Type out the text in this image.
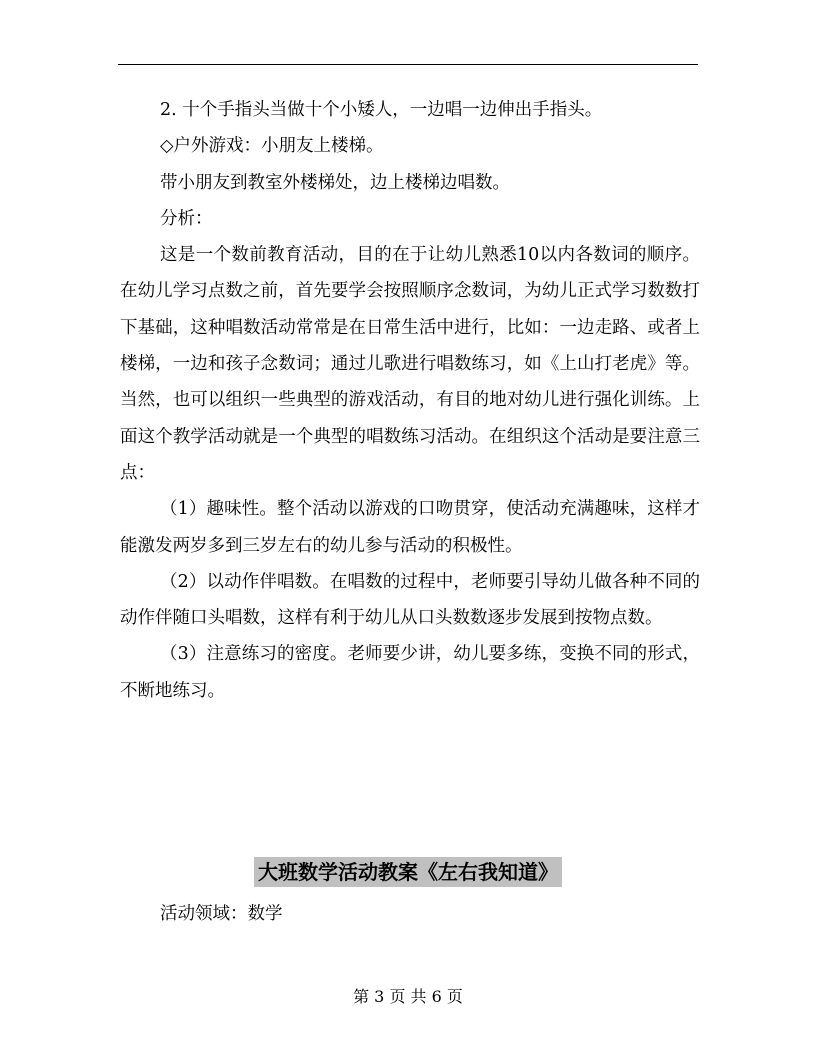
2. 十个手指头当做十个小矮人，一边唱一边伸出手指头。

◇户外游戏：小朋友上楼梯。

带小朋友到教室外楼梯处，边上楼梯边唱数。

分析：

这是一个数前教育活动，目的在于让幼儿熟悉10以内各数词的顺序。在幼儿学习点数之前，首先要学会按照顺序念数词，为幼儿正式学习数数打下基础，这种唱数活动常常是在日常生活中进行，比如：一边走路、或者上楼梯，一边和孩子念数词；通过儿歌进行唱数练习，如《上山打老虎》等。当然，也可以组织一些典型的游戏活动，有目的地对幼儿进行强化训练。上面这个教学活动就是一个典型的唱数练习活动。在组织这个活动是要注意三点：

（1）趣味性。整个活动以游戏的口吻贯穿，使活动充满趣味，这样才能激发两岁多到三岁左右的幼儿参与活动的积极性。

（2）以动作伴唱数。在唱数的过程中，老师要引导幼儿做各种不同的动作伴随口头唱数，这样有利于幼儿从口头数数逐步发展到按物点数。

（3）注意练习的密度。老师要少讲，幼儿要多练，变换不同的形式，不断地练习。

大班数学活动教案《左右我知道》
活动领域：数学
第 3 页 共 6 页
